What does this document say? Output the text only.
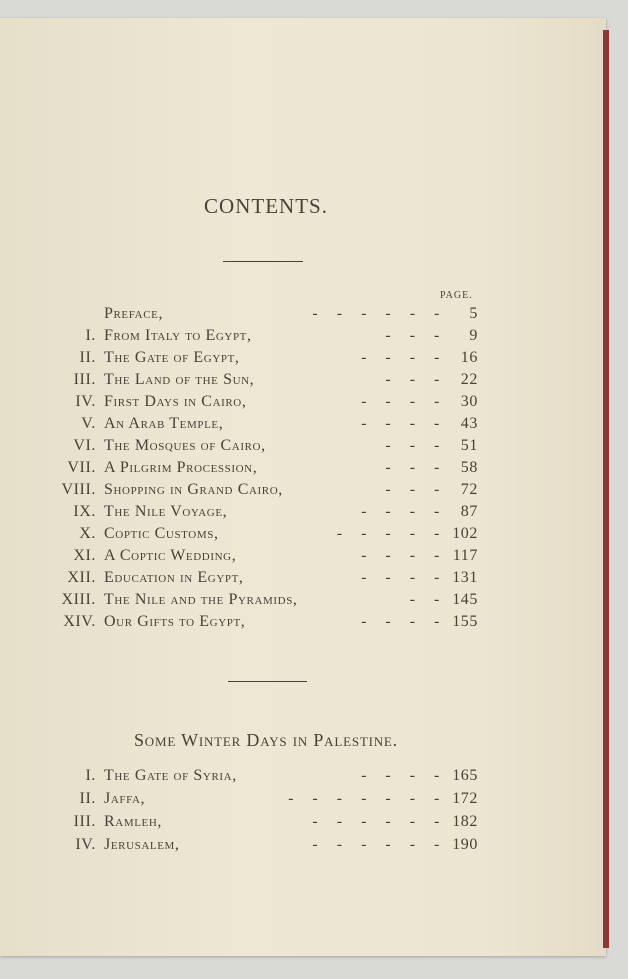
CONTENTS.
PAGE.
Preface,	-    -    -    -    -    - 5
I. From Italy to Egypt,	-    -    - 9
II. The Gate of Egypt,	-    -    -    - 16
III. The Land of the Sun,	-    -    - 22
IV. First Days in Cairo,	-    -    -    - 30
V. An Arab Temple,	-    -    -    - 43
VI. The Mosques of Cairo,	-    -    - 51
VII. A Pilgrim Procession,	-    -    - 58
VIII. Shopping in Grand Cairo,	-    -    - 72
IX. The Nile Voyage,	-    -    -    - 87
X. Coptic Customs,	-    -    -    -    - 102
XI. A Coptic Wedding,	-    -    -    - 117
XII. Education in Egypt,	-    -    -    - 131
XIII. The Nile and the Pyramids,	-    - 145
XIV. Our Gifts to Egypt,	-    -    -    - 155
Some Winter Days in Palestine.
I. The Gate of Syria,	-    -    -    - 165
II. Jaffa,	-    -    -    -    -    -    - 172
III. Ramleh,	-    -    -    -    -    - 182
IV. Jerusalem,	-    -    -    -    -    - 190
